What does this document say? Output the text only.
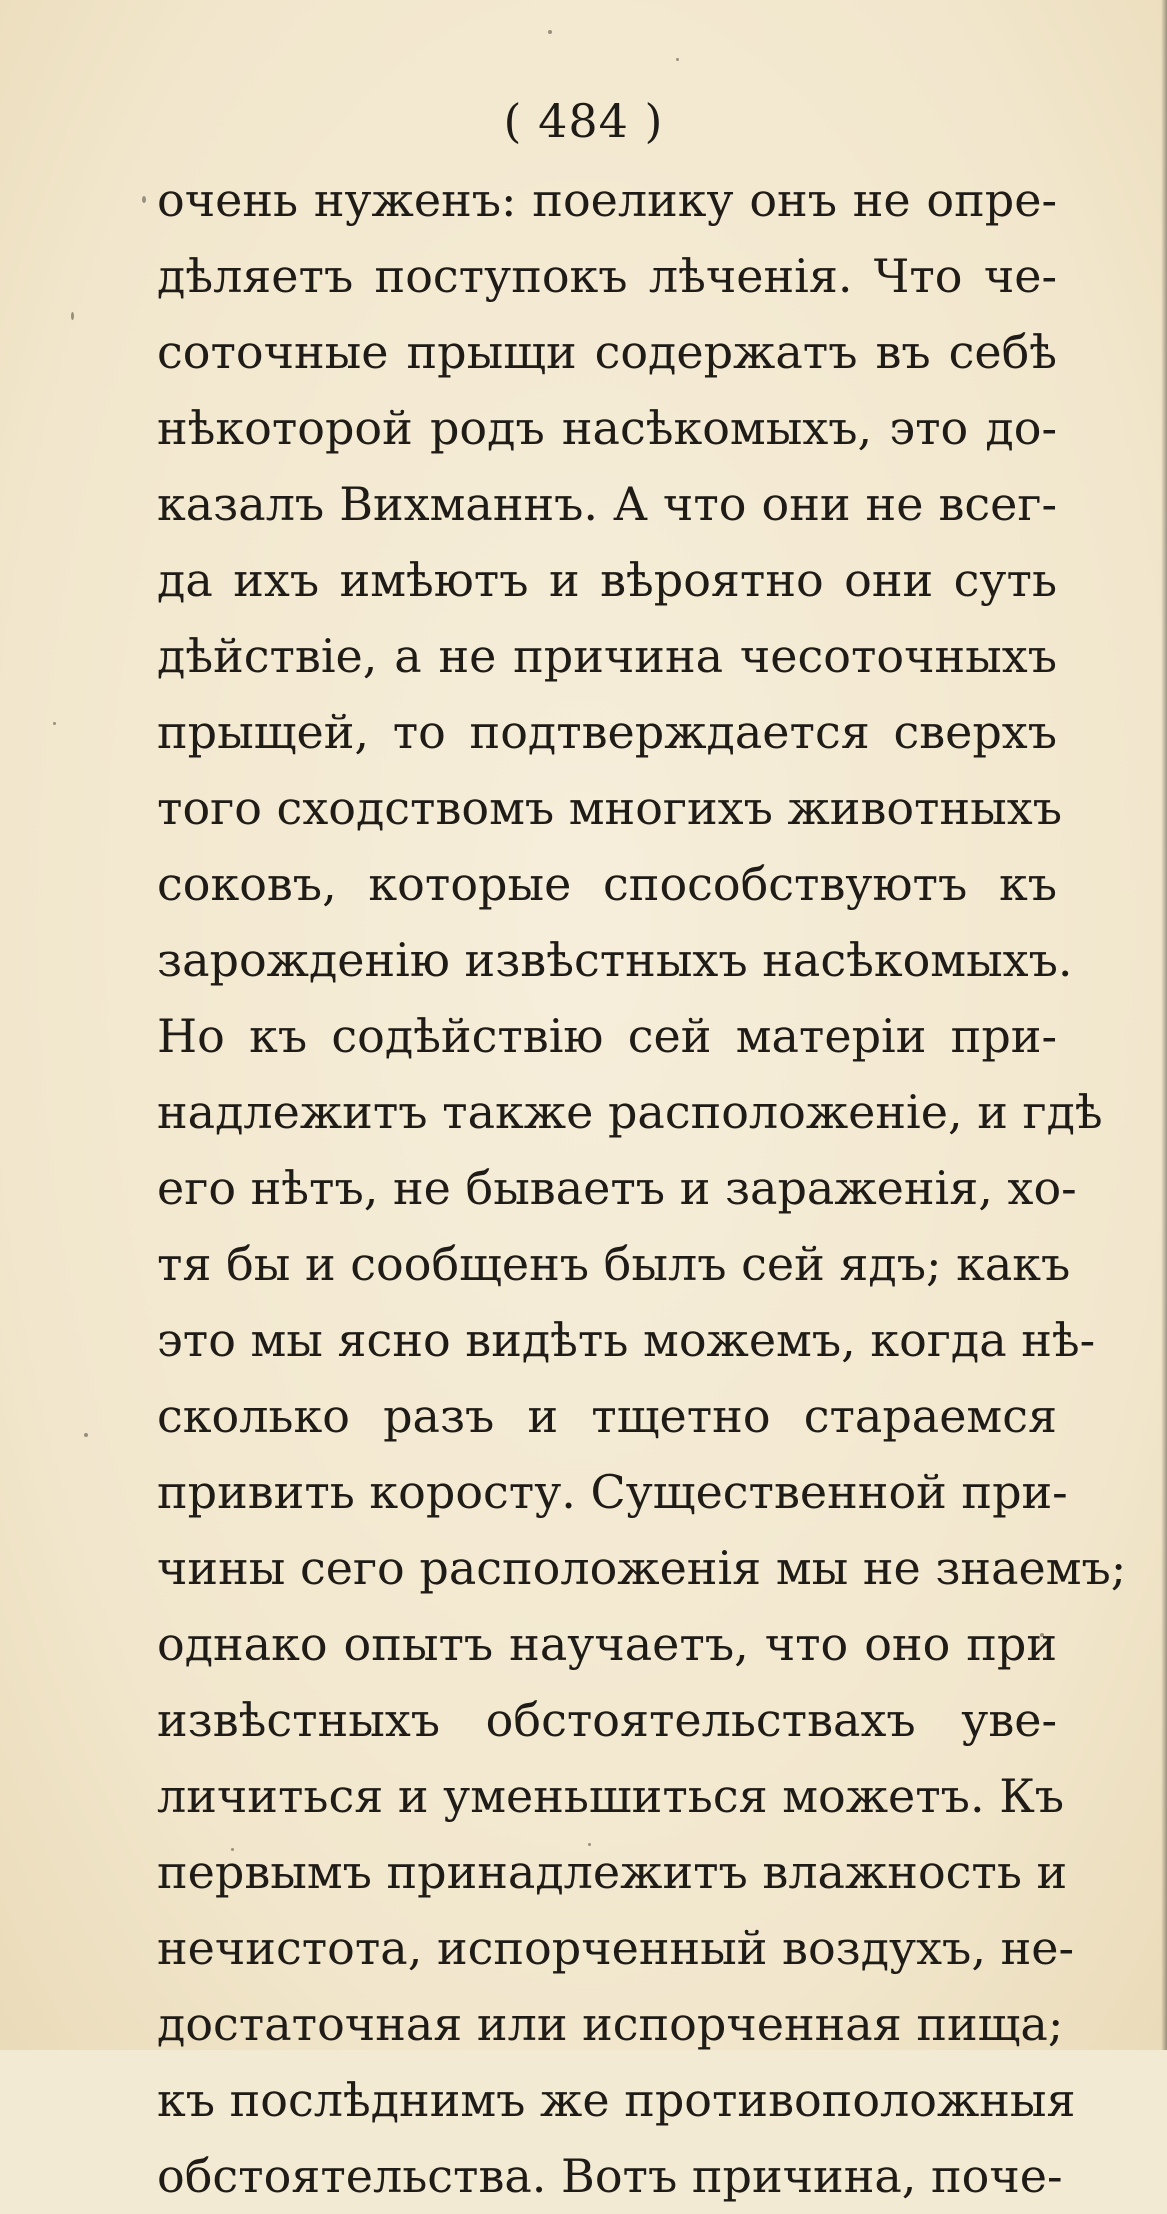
( 484 )
очень нуженъ: поелику онъ не опре-
дѣляетъ поступокъ лѣченія. Что че-
соточные прыщи содержатъ въ себѣ
нѣкоторой родъ насѣкомыхъ, это до-
казалъ Вихманнъ. А что они не всег-
да ихъ имѣютъ и вѣроятно они суть
дѣйствіе, а не причина чесоточныхъ
прыщей, то подтверждается сверхъ
того сходствомъ многихъ животныхъ
соковъ, которые способствуютъ къ
зарожденію извѣстныхъ насѣкомыхъ.
Но къ содѣйствію сей матеріи при-
надлежитъ также расположеніе, и гдѣ
его нѣтъ, не бываетъ и зараженія, хо-
тя бы и сообщенъ былъ сей ядъ; какъ
это мы ясно видѣть можемъ, когда нѣ-
сколько разъ и тщетно стараемся
привить коросту. Существенной при-
чины сего расположенія мы не знаемъ;
однако опытъ научаетъ, что оно при
извѣстныхъ обстоятельствахъ уве-
личиться и уменьшиться можетъ. Къ
первымъ принадлежитъ влажность и
нечистота, испорченный воздухъ, не-
достаточная или испорченная пища;
къ послѣднимъ же противоположныя
обстоятельства. Вотъ причина, поче-
